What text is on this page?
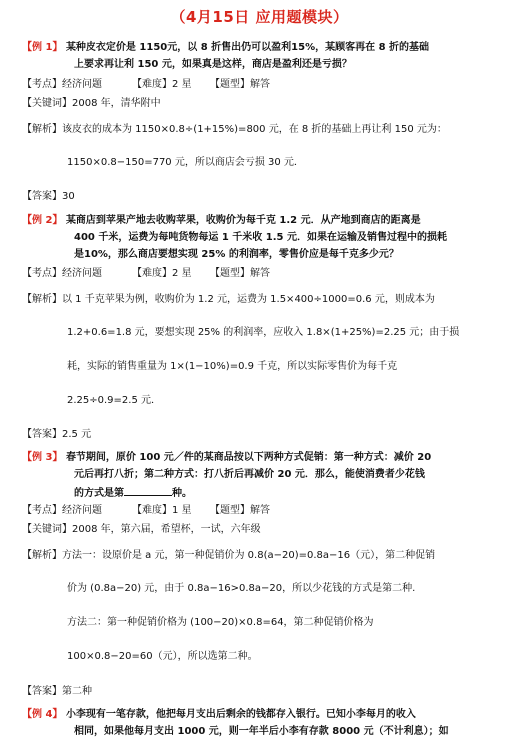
（4月15日 应用题模块）
【例 1】 某种皮衣定价是 1150元，以 8 折售出仍可以盈利15%，某顾客再在 8 折的基础
上要求再让利 150 元，如果真是这样，商店是盈利还是亏损？
【考点】经济问题	【难度】2 星 【题型】解答
【关键词】2008 年，清华附中
【解析】该皮衣的成本为 1150×0.8÷(1+15%)=800 元，在 8 折的基础上再让利 150 元为：
1150×0.8−150=770 元，所以商店会亏损 30 元．
【答案】30
【例 2】 某商店到苹果产地去收购苹果，收购价为每千克 1.2 元．从产地到商店的距离是
400 千米，运费为每吨货物每运 1 千米收 1.5 元．如果在运输及销售过程中的损耗
是10%，那么商店要想实现 25% 的利润率，零售价应是每千克多少元？
【考点】经济问题	【难度】2 星 【题型】解答
【解析】以 1 千克苹果为例，收购价为 1.2 元，运费为 1.5×400÷1000=0.6 元，则成本为
1.2+0.6=1.8 元，要想实现 25% 的利润率，应收入 1.8×(1+25%)=2.25 元；由于损
耗，实际的销售重量为 1×(1−10%)=0.9 千克，所以实际零售价为每千克
2.25÷0.9=2.5 元．
【答案】2.5 元
【例 3】 春节期间，原价 100 元／件的某商品按以下两种方式促销：第一种方式：减价 20
元后再打八折；第二种方式：打八折后再减价 20 元．那么，能使消费者少花钱
的方式是第	种。
【考点】经济问题	【难度】1 星 【题型】解答
【关键词】2008 年，第六届，希望杯，一试，六年级
【解析】方法一：设原价是 a 元，第一种促销价为 0.8(a−20)=0.8a−16（元），第二种促销
价为 (0.8a−20) 元，由于 0.8a−16>0.8a−20，所以少花钱的方式是第二种.
方法二：第一种促销价格为 (100−20)×0.8=64，第二种促销价格为
100×0.8−20=60（元），所以选第二种。
【答案】第二种
【例 4】 小李现有一笔存款，他把每月支出后剩余的钱都存入银行。已知小李每月的收入
相同，如果他每月支出 1000 元，则一年半后小李有存款 8000 元（不计利息）；如
